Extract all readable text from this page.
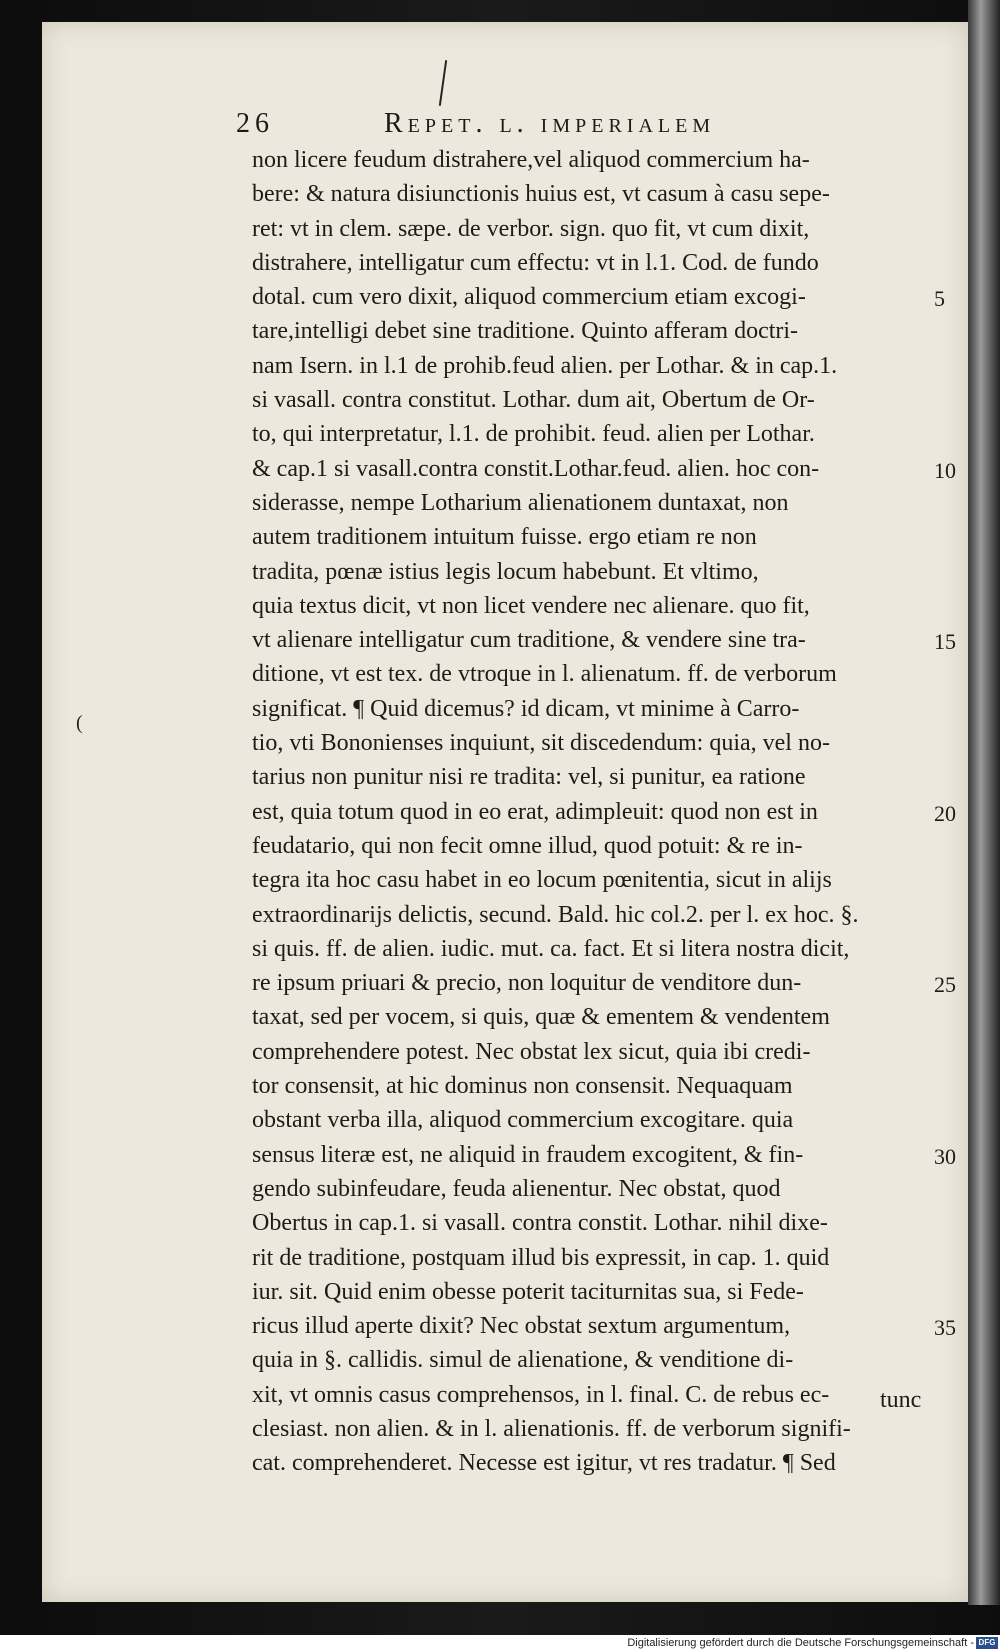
26	Repet. l. imperialem
non licere feudum distrahere,vel aliquod commercium ha-
bere: & natura disiunctionis huius est, vt casum à casu sepe-
ret: vt in clem. sæpe. de verbor. sign. quo fit, vt cum dixit,
distrahere, intelligatur cum effectu: vt in l.1. Cod. de fundo
dotal. cum vero dixit, aliquod commercium etiam excogi-
tare,intelligi debet sine traditione. Quinto afferam doctri-
nam Isern. in l.1 de prohib.feud alien. per Lothar. & in cap.1.
si vasall. contra constitut. Lothar. dum ait, Obertum de Or-
to, qui interpretatur, l.1. de prohibit. feud. alien per Lothar.
& cap.1 si vasall.contra constit.Lothar.feud. alien. hoc con-
siderasse, nempe Lotharium alienationem duntaxat, non
autem traditionem intuitum fuisse. ergo etiam re non
tradita, pœnæ istius legis locum habebunt. Et vltimo,
quia textus dicit, vt non licet vendere nec alienare. quo fit,
vt alienare intelligatur cum traditione, & vendere sine tra-
ditione, vt est tex. de vtroque in l. alienatum. ff. de verborum
significat. ¶ Quid dicemus? id dicam, vt minime à Carro-
tio, vti Bononienses inquiunt, sit discedendum: quia, vel no-
tarius non punitur nisi re tradita: vel, si punitur, ea ratione
est, quia totum quod in eo erat, adimpleuit: quod non est in
feudatario, qui non fecit omne illud, quod potuit: & re in-
tegra ita hoc casu habet in eo locum pœnitentia, sicut in alijs
extraordinarijs delictis, secund. Bald. hic col.2. per l. ex hoc. §.
si quis. ff. de alien. iudic. mut. ca. fact. Et si litera nostra dicit,
re ipsum priuari & precio, non loquitur de venditore dun-
taxat, sed per vocem, si quis, quæ & ementem & vendentem
comprehendere potest. Nec obstat lex sicut, quia ibi credi-
tor consensit, at hic dominus non consensit. Nequaquam
obstant verba illa, aliquod commercium excogitare. quia
sensus literæ est, ne aliquid in fraudem excogitent, & fin-
gendo subinfeudare, feuda alienentur. Nec obstat, quod
Obertus in cap.1. si vasall. contra constit. Lothar. nihil dixe-
rit de traditione, postquam illud bis expressit, in cap. 1. quid
iur. sit. Quid enim obesse poterit taciturnitas sua, si Fede-
ricus illud aperte dixit? Nec obstat sextum argumentum,
quia in §. callidis. simul de alienatione, & venditione di-
xit, vt omnis casus comprehensos, in l. final. C. de rebus ec-
clesiast. non alien. & in l. alienationis. ff. de verborum signifi-
cat. comprehenderet. Necesse est igitur, vt res tradatur. ¶ Sed
5
10
15
20
25
30
35
(
tunc
Digitalisierung gefördert durch die Deutsche Forschungsgemeinschaft - DFG
